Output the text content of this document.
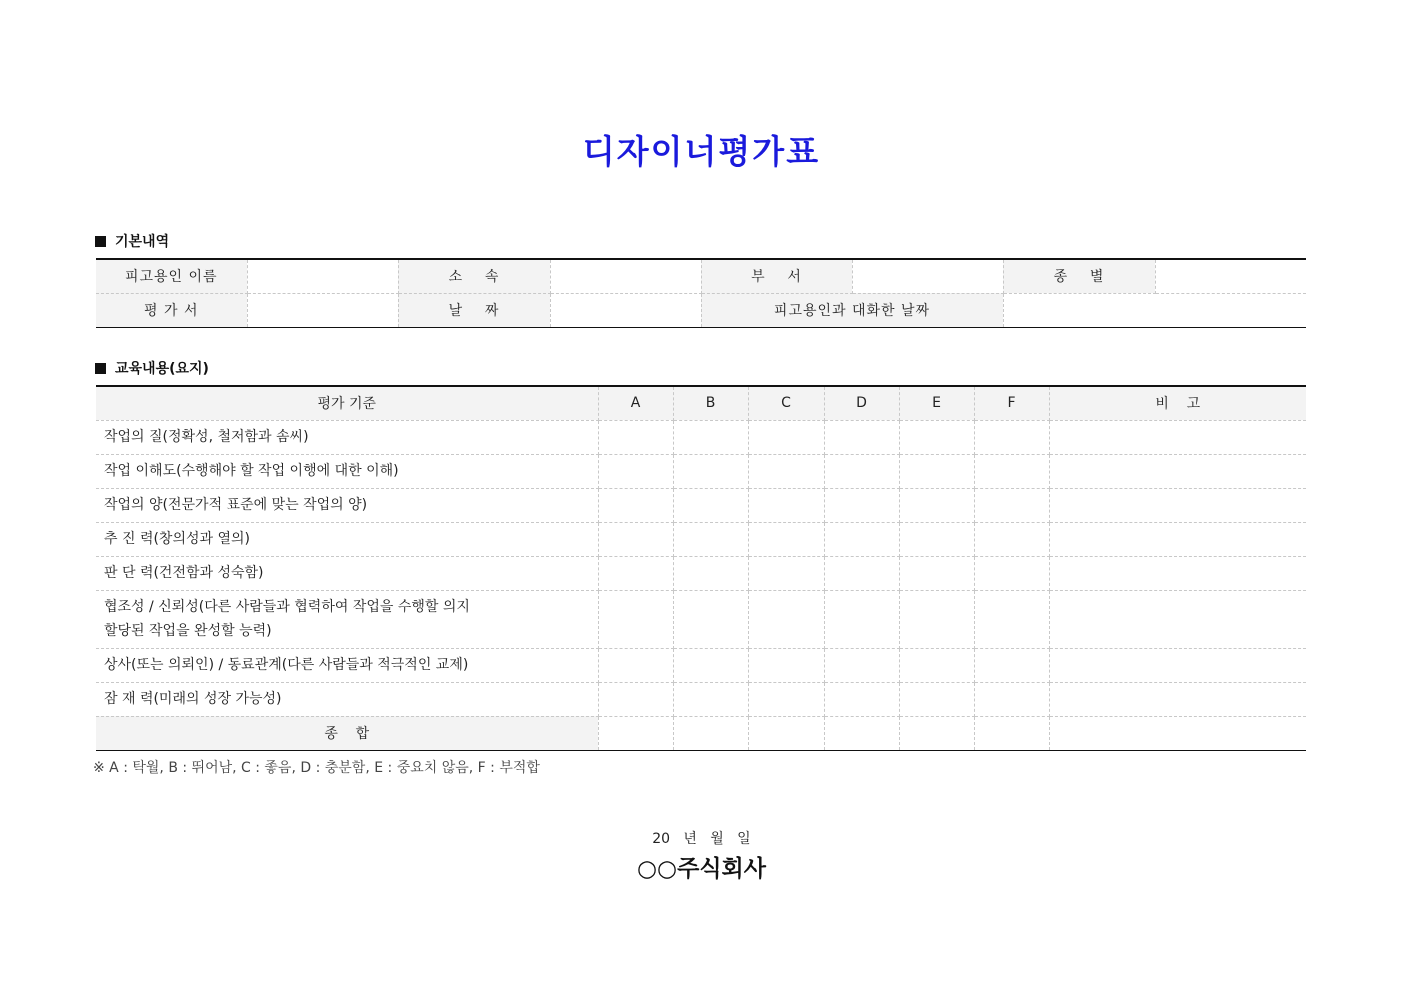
디자이너평가표
기본내역
피고용인 이름		소    속		부    서		종    별	
평 가 서		날    짜		피고용인과 대화한 날짜			
교육내용(요지)
평가 기준	A	B	C	D	E	F	비    고

작업의 질(정확성, 철저함과 솜씨)							

작업 이해도(수행해야 할 작업 이행에 대한 이해)							

작업의 양(전문가적 표준에 맞는 작업의 양)							

추 진 력(창의성과 열의)							

판 단 력(건전함과 성숙함)							

협조성 / 신뢰성(다른 사람들과 협력하여 작업을 수행할 의지
할당된 작업을 완성할 능력)							

상사(또는 의뢰인) / 동료관계(다른 사람들과 적극적인 교제)							

잠 재 력(미래의 성장 가능성)							

종    합							
※ A : 탁월, B : 뛰어남, C : 좋음, D : 충분함, E : 중요치 않음, F : 부적합
20   년   월   일
○○주식회사
